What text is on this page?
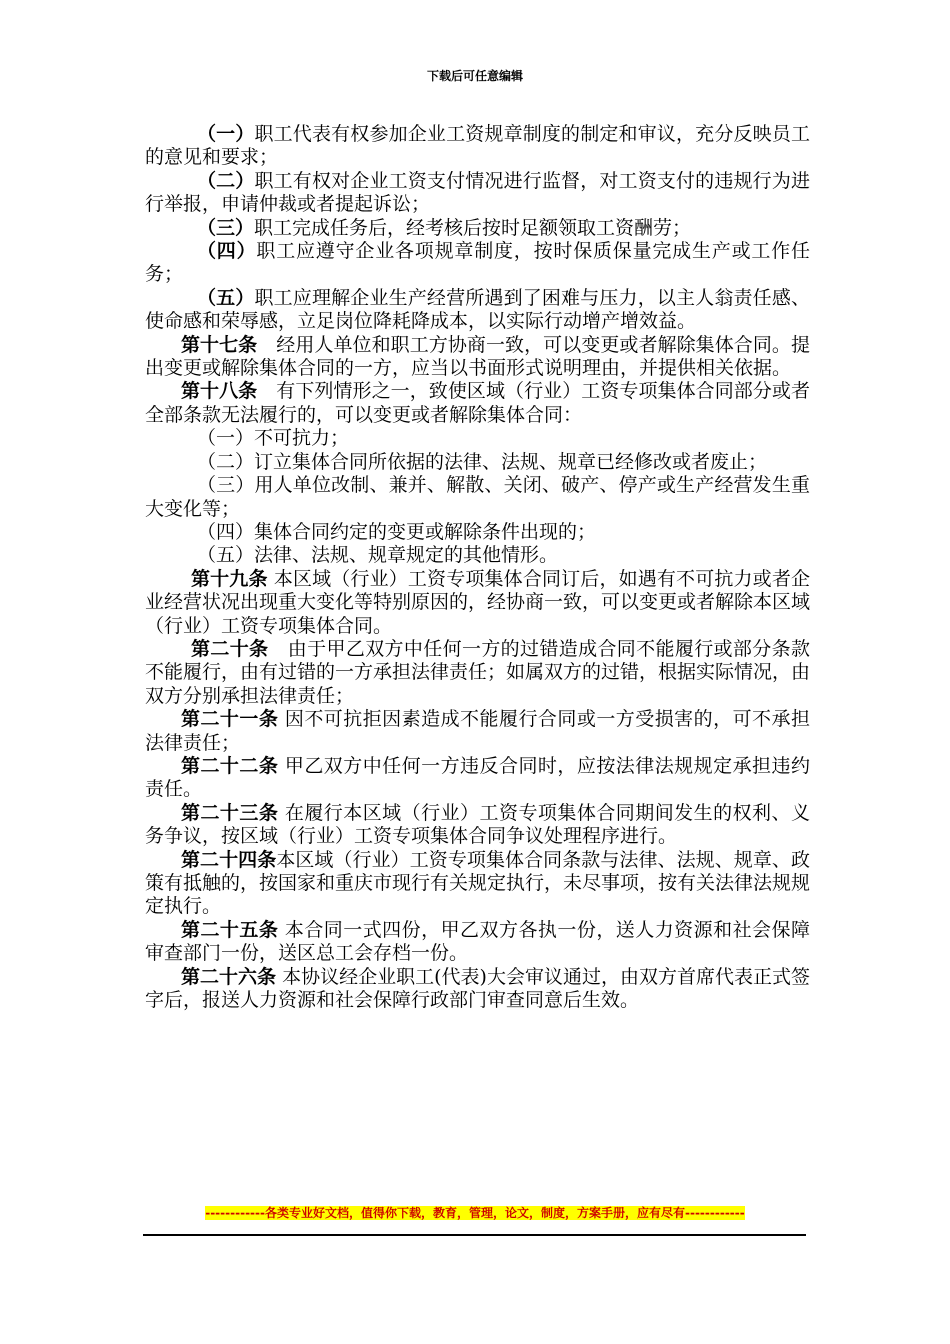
下载后可任意编辑

（一）职工代表有权参加企业工资规章制度的制定和审议，充分反映员工的意见和要求；

（二）职工有权对企业工资支付情况进行监督，对工资支付的违规行为进行举报，申请仲裁或者提起诉讼；

（三）职工完成任务后，经考核后按时足额领取工资酬劳；

（四）职工应遵守企业各项规章制度，按时保质保量完成生产或工作任务；

（五）职工应理解企业生产经营所遇到了困难与压力，以主人翁责任感、使命感和荣辱感，立足岗位降耗降成本，以实际行动增产增效益。

第十七条　经用人单位和职工方协商一致，可以变更或者解除集体合同。提出变更或解除集体合同的一方，应当以书面形式说明理由，并提供相关依据。

第十八条　有下列情形之一，致使区域（行业）工资专项集体合同部分或者全部条款无法履行的，可以变更或者解除集体合同：

（一）不可抗力；

（二）订立集体合同所依据的法律、法规、规章已经修改或者废止；

（三）用人单位改制、兼并、解散、关闭、破产、停产或生产经营发生重大变化等；

（四）集体合同约定的变更或解除条件出现的；

（五）法律、法规、规章规定的其他情形。

第十九条 本区域（行业）工资专项集体合同订后，如遇有不可抗力或者企业经营状况出现重大变化等特别原因的，经协商一致，可以变更或者解除本区域（行业）工资专项集体合同。

第二十条　由于甲乙双方中任何一方的过错造成合同不能履行或部分条款不能履行，由有过错的一方承担法律责任；如属双方的过错，根据实际情况，由双方分别承担法律责任；

第二十一条 因不可抗拒因素造成不能履行合同或一方受损害的，可不承担法律责任；

第二十二条 甲乙双方中任何一方违反合同时，应按法律法规规定承担违约责任。

第二十三条 在履行本区域（行业）工资专项集体合同期间发生的权利、义务争议，按区域（行业）工资专项集体合同争议处理程序进行。

第二十四条本区域（行业）工资专项集体合同条款与法律、法规、规章、政策有抵触的，按国家和重庆市现行有关规定执行，未尽事项，按有关法律法规规定执行。

第二十五条 本合同一式四份，甲乙双方各执一份，送人力资源和社会保障审查部门一份，送区总工会存档一份。

第二十六条 本协议经企业职工(代表)大会审议通过，由双方首席代表正式签字后，报送人力资源和社会保障行政部门审查同意后生效。

------------各类专业好文档，值得你下载，教育，管理，论文，制度，方案手册，应有尽有------------
